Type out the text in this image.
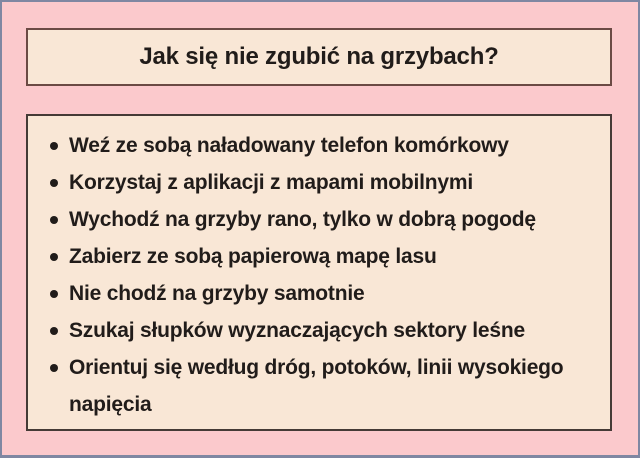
Jak się nie zgubić na grzybach?
Weź ze sobą naładowany telefon komórkowy
Korzystaj z aplikacji z mapami mobilnymi
Wychodź na grzyby rano, tylko w dobrą pogodę
Zabierz ze sobą papierową mapę lasu
Nie chodź na grzyby samotnie
Szukaj słupków wyznaczających sektory leśne
Orientuj się według dróg, potoków, linii wysokiego napięcia
